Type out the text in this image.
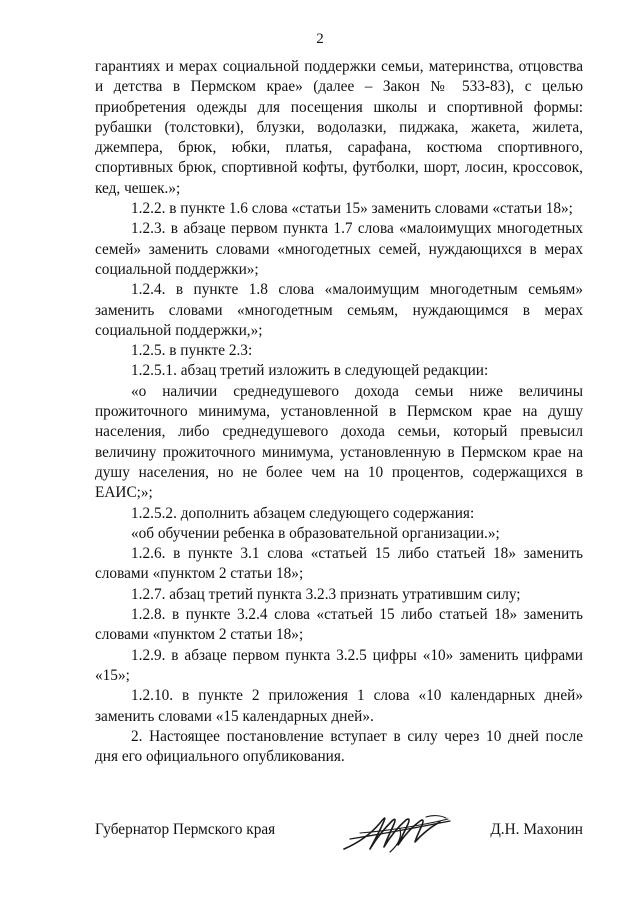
2

гарантиях и мерах социальной поддержки семьи, материнства, отцовства и детства в Пермском крае» (далее – Закон № 533-83), с целью приобретения одежды для посещения школы и спортивной формы: рубашки (толстовки), блузки, водолазки, пиджака, жакета, жилета, джемпера, брюк, юбки, платья, сарафана, костюма спортивного, спортивных брюк, спортивной кофты, футболки, шорт, лосин, кроссовок, кед, чешек.»;

1.2.2. в пункте 1.6 слова «статьи 15» заменить словами «статьи 18»;

1.2.3. в абзаце первом пункта 1.7 слова «малоимущих многодетных семей» заменить словами «многодетных семей, нуждающихся в мерах социальной поддержки»;

1.2.4. в пункте 1.8 слова «малоимущим многодетным семьям» заменить словами «многодетным семьям, нуждающимся в мерах социальной поддержки,»;

1.2.5. в пункте 2.3:

1.2.5.1. абзац третий изложить в следующей редакции:

«о наличии среднедушевого дохода семьи ниже величины прожиточного минимума, установленной в Пермском крае на душу населения, либо среднедушевого дохода семьи, который превысил величину прожиточного минимума, установленную в Пермском крае на душу населения, но не более чем на 10 процентов, содержащихся в ЕАИС;»;

1.2.5.2. дополнить абзацем следующего содержания:

«об обучении ребенка в образовательной организации.»;

1.2.6. в пункте 3.1 слова «статьей 15 либо статьей 18» заменить словами «пунктом 2 статьи 18»;

1.2.7. абзац третий пункта 3.2.3 признать утратившим силу;

1.2.8. в пункте 3.2.4 слова «статьей 15 либо статьей 18» заменить словами «пунктом 2 статьи 18»;

1.2.9. в абзаце первом пункта 3.2.5 цифры «10» заменить цифрами «15»;

1.2.10. в пункте 2 приложения 1 слова «10 календарных дней» заменить словами «15 календарных дней».

2. Настоящее постановление вступает в силу через 10 дней после дня его официального опубликования.

Губернатор Пермского края	Д.Н. Махонин
